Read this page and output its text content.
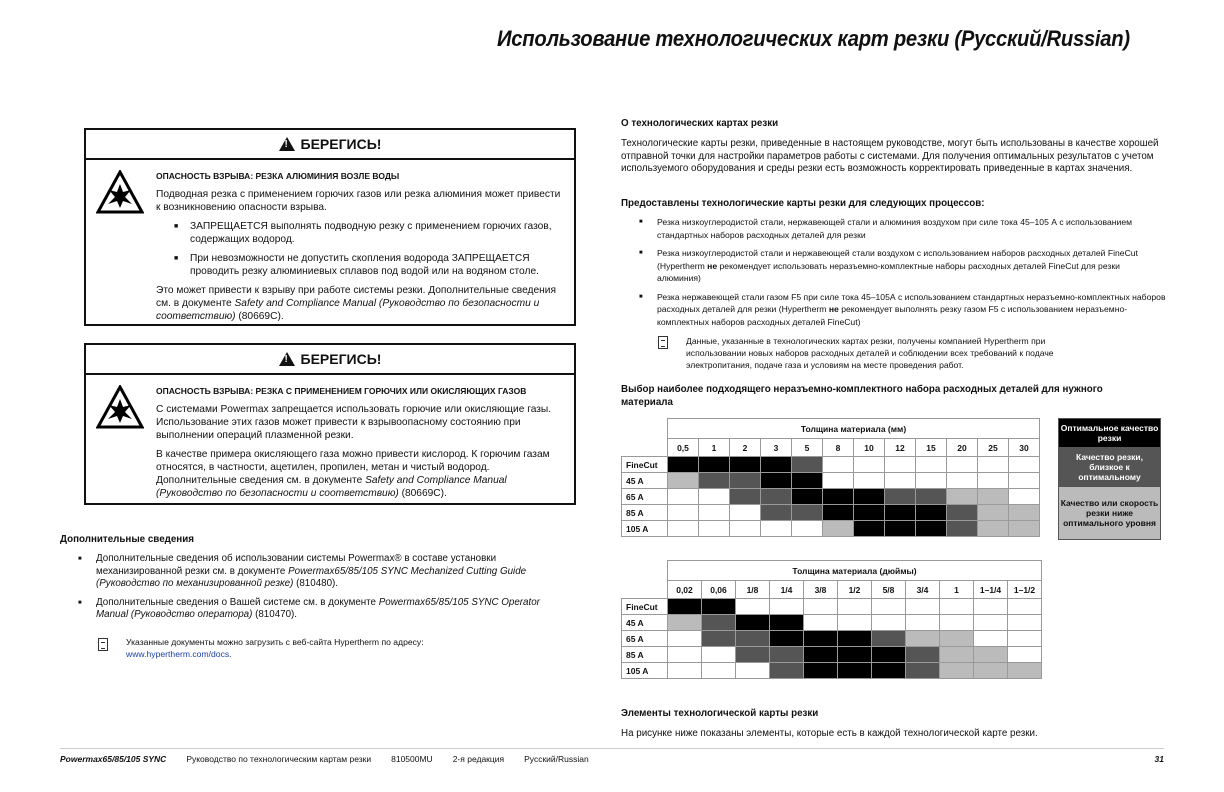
Использование технологических карт резки (Русский/Russian)
!
БЕРЕГИСЬ!
ОПАСНОСТЬ ВЗРЫВА: РЕЗКА АЛЮМИНИЯ ВОЗЛЕ ВОДЫ

Подводная резка с применением горючих газов или резка алюминия может привести к возникновению опасности взрыва.

■ ЗАПРЕЩАЕТСЯ выполнять подводную резку с применением горючих газов, содержащих водород.
■ При невозможности не допустить скопления водорода ЗАПРЕЩАЕТСЯ проводить резку алюминиевых сплавов под водой или на водяном столе.

Это может привести к взрыву при работе системы резки. Дополнительные сведения см. в документе Safety and Compliance Manual (Руководство по безопасности и соответствию) (80669C).

!
БЕРЕГИСЬ!
ОПАСНОСТЬ ВЗРЫВА: РЕЗКА С ПРИМЕНЕНИЕМ ГОРЮЧИХ ИЛИ ОКИСЛЯЮЩИХ ГАЗОВ

С системами Powermax запрещается использовать горючие или окисляющие газы. Использование этих газов может привести к взрывоопасному состоянию при выполнении операций плазменной резки.

В качестве примера окисляющего газа можно привести кислород. К горючим газам относятся, в частности, ацетилен, пропилен, метан и чистый водород. Дополнительные сведения см. в документе Safety and Compliance Manual (Руководство по безопасности и соответствию) (80669C).

Дополнительные сведения
■ Дополнительные сведения об использовании системы Powermax® в составе установки механизированной резки см. в документе Powermax65/85/105 SYNC Mechanized Cutting Guide (Руководство по механизированной резке) (810480).
■ Дополнительные сведения о Вашей системе см. в документе Powermax65/85/105 SYNC Operator Manual (Руководство оператора) (810470).
Указанные документы можно загрузить с веб-сайта Hypertherm по адресу:
www.hypertherm.com/docs.
О технологических картах резки
Технологические карты резки, приведенные в настоящем руководстве, могут быть использованы в качестве хорошей отправной точки для настройки параметров работы с системами. Для получения оптимальных результатов с учетом используемого оборудования и среды резки есть возможность корректировать приведенные в картах значения.
Предоставлены технологические карты резки для следующих процессов:
■ Резка низкоуглеродистой стали, нержавеющей стали и алюминия воздухом при силе тока 45–105 А с использованием стандартных наборов расходных деталей для резки
■ Резка низкоуглеродистой стали и нержавеющей стали воздухом с использованием наборов расходных деталей FineCut (Hypertherm не рекомендует использовать неразъемно-комплектные наборы расходных деталей FineCut для резки алюминия)
■ Резка нержавеющей стали газом F5 при силе тока 45–105А с использованием стандартных неразъемно-комплектных наборов расходных деталей для резки (Hypertherm не рекомендует выполнять резку газом F5 с использованием неразъемно-комплектных наборов расходных деталей FineCut)
Данные, указанные в технологических картах резки, получены компанией Hypertherm при использовании новых наборов расходных деталей и соблюдении всех требований к подаче электропитания, подаче газа и условиям на месте проведения работ.
Выбор наиболее подходящего неразъемно-комплектного набора расходных деталей для нужного материала
	Толщина материала (мм)											
	0,5	1	2	3	5	8	10	12	15	20	25	30
FineCut												
45 A												
65 A												
85 A												
105 A												
	Толщина материала (дюймы)										
	0,02	0,06	1/8	1/4	3/8	1/2	5/8	3/4	1	1–1/4	1–1/2
FineCut											
45 A											
65 A											
85 A											
105 A											
Оптимальное качество резки
Качество резки, близкое к оптимальному
Качество или скорость резки ниже оптимального уровня
Элементы технологической карты резки
На рисунке ниже показаны элементы, которые есть в каждой технологической карте резки.
Powermax65/85/105 SYNC Руководство по технологическим картам резки 810500MU 2-я редакция Русский/Russian	31
